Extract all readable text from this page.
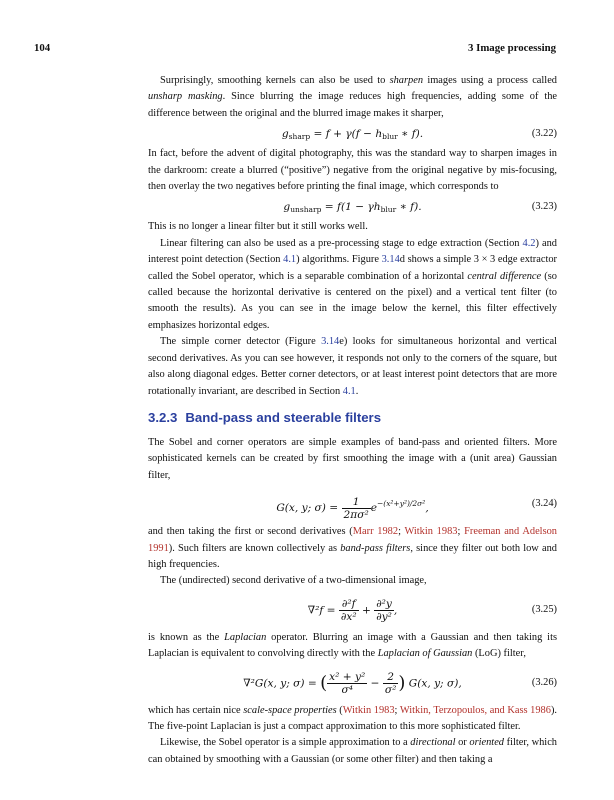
104	3 Image processing

Surprisingly, smoothing kernels can also be used to sharpen images using a process called unsharp masking. Since blurring the image reduces high frequencies, adding some of the difference between the original and the blurred image makes it sharper,

$g_{sharp} = f + \gamma(f - h_{blur}$ ∗ f).	(3.22)

In fact, before the advent of digital photography, this was the standard way to sharpen images in the darkroom: create a blurred (“positive”) negative from the original negative by mis-focusing, then overlay the two negatives before printing the final image, which corresponds to

$g_{unsharp} = f(1 - \gamma h_{blur}$ ∗ f).	(3.23)

This is no longer a linear filter but it still works well.

Linear filtering can also be used as a pre-processing stage to edge extraction (Section 4.2) and interest point detection (Section 4.1) algorithms. Figure 3.14d shows a simple 3 × 3 edge extractor called the Sobel operator, which is a separable combination of a horizontal central difference (so called because the horizontal derivative is centered on the pixel) and a vertical tent filter (to smooth the results). As you can see in the image below the kernel, this filter effectively emphasizes horizontal edges.

The simple corner detector (Figure 3.14e) looks for simultaneous horizontal and vertical second derivatives. As you can see however, it responds not only to the corners of the square, but also along diagonal edges. Better corner detectors, or at least interest point detectors that are more rotationally invariant, are described in Section 4.1.

3.2.3 Band-pass and steerable filters

The Sobel and corner operators are simple examples of band-pass and oriented filters. More sophisticated kernels can be created by first smoothing the image with a (unit area) Gaussian filter,

G(x, y; $\sigma) = \frac{1}{\text{2πσ²}} e^{-(x^2+y^2)/2\sigma^2}$,	(3.24)

and then taking the first or second derivatives (Marr 1982; Witkin 1983; Freeman and Adelson 1991). Such filters are known collectively as band-pass filters, since they filter out both low and high frequencies.

The (undirected) second derivative of a two-dimensional image,

$\nabla^2f = \frac{\text{∂²f}}{\text{∂x²}} + \frac{\text{∂²y}}{\text{∂y²}}$ ,	(3.25)

is known as the Laplacian operator. Blurring an image with a Gaussian and then taking its Laplacian is equivalent to convolving directly with the Laplacian of Gaussian (LoG) filter,

∇²G(x, y; σ) = ( $\frac{\text{x² + y²}}{\text{σ⁴}} - \frac{2}{\text{σ²}}$ ) G(x, y; σ),	(3.26)

which has certain nice scale-space properties (Witkin 1983; Witkin, Terzopoulos, and Kass 1986). The five-point Laplacian is just a compact approximation to this more sophisticated filter.

Likewise, the Sobel operator is a simple approximation to a directional or oriented filter, which can obtained by smoothing with a Gaussian (or some other filter) and then taking a
